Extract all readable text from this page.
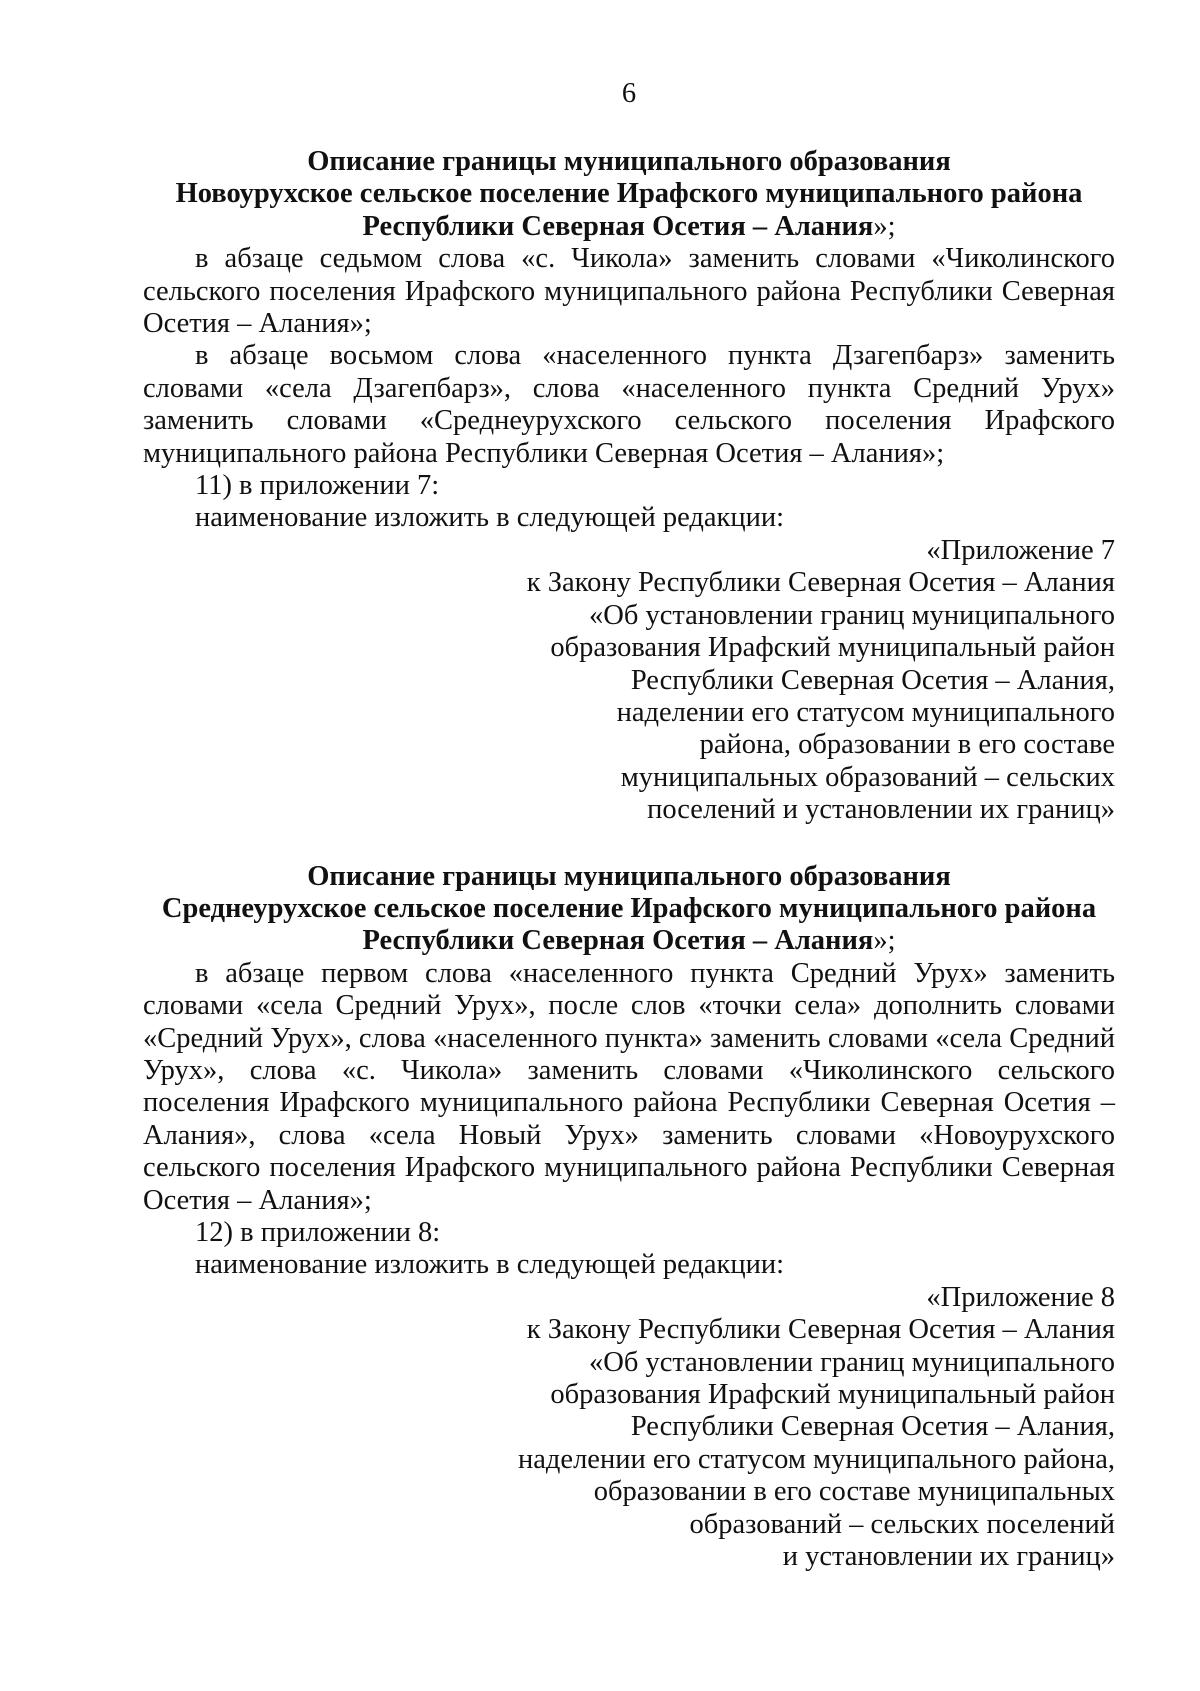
6
Описание границы муниципального образования
Новоурухское сельское поселение Ирафского муниципального района
Республики Северная Осетия – Алания»;

в абзаце седьмом слова «с. Чикола» заменить словами «Чиколинского сельского поселения Ирафского муниципального района Республики Северная Осетия – Алания»;

в абзаце восьмом слова «населенного пункта Дзагепбарз» заменить словами «села Дзагепбарз», слова «населенного пункта Средний Урух» заменить словами «Среднеурухского сельского поселения Ирафского муниципального района Республики Северная Осетия – Алания»;

11) в приложении 7:

наименование изложить в следующей редакции:

«Приложение 7

к Закону Республики Северная Осетия – Алания

«Об установлении границ муниципального

образования Ирафский муниципальный район

Республики Северная Осетия – Алания,

наделении его статусом муниципального

района, образовании в его составе

муниципальных образований – сельских

поселений и установлении их границ»

Описание границы муниципального образования
Среднеурухское сельское поселение Ирафского муниципального района
Республики Северная Осетия – Алания»;

в абзаце первом слова «населенного пункта Средний Урух» заменить словами «села Средний Урух», после слов «точки села» дополнить словами «Средний Урух», слова «населенного пункта» заменить словами «села Средний Урух», слова «с. Чикола» заменить словами «Чиколинского сельского поселения Ирафского муниципального района Республики Северная Осетия – Алания», слова «села Новый Урух» заменить словами «Новоурухского сельского поселения Ирафского муниципального района Республики Северная Осетия – Алания»;

12) в приложении 8:

наименование изложить в следующей редакции:

«Приложение 8

к Закону Республики Северная Осетия – Алания

«Об установлении границ муниципального

образования Ирафский муниципальный район

Республики Северная Осетия – Алания,

наделении его статусом муниципального района,

образовании в его составе муниципальных

образований – сельских поселений

и установлении их границ»
